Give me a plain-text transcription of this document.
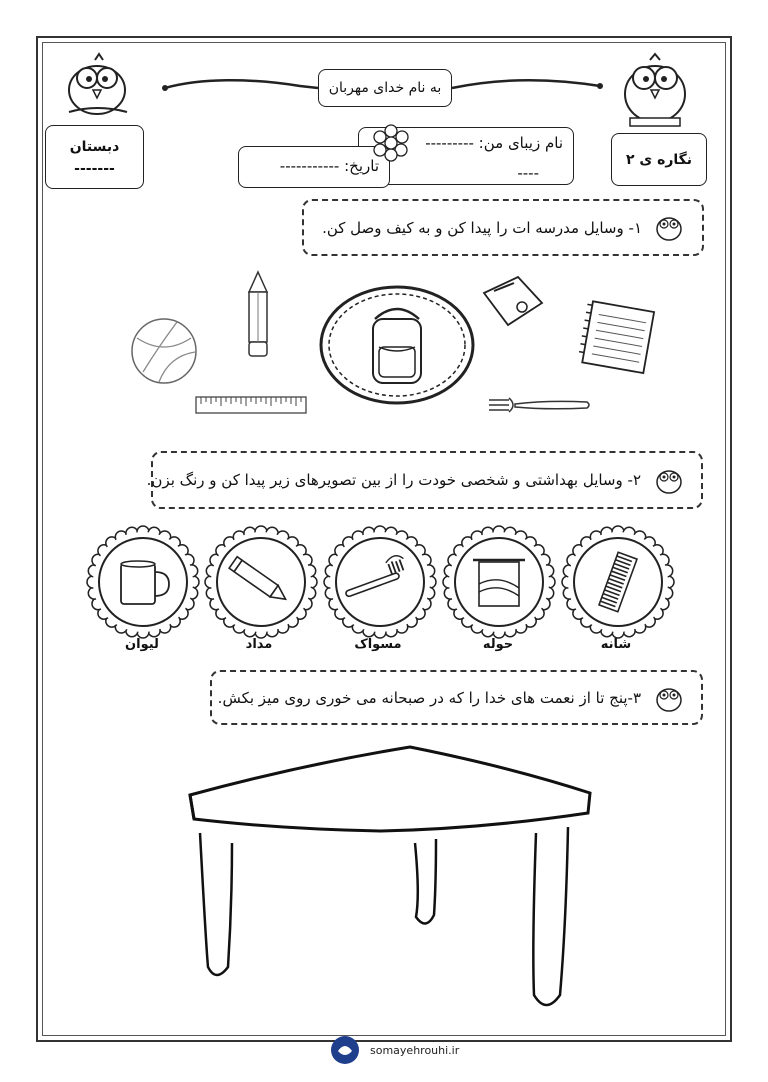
به نام خدای مهربان
دبستان
-------
نگاره ی ۲
نام زیبای من: ---------
----
تاریخ: -----------
۱- وسایل مدرسه ات را پیدا کن و به کیف وصل کن.
۲- وسایل بهداشتی و شخصی خودت را از بین تصویرهای زیر پیدا کن و رنگ بزن.
لیوان	مداد	مسواک	حوله	شانه
۳-پنج تا از نعمت های خدا را که در صبحانه می خوری روی میز بکش.
somayehrouhi.ir
